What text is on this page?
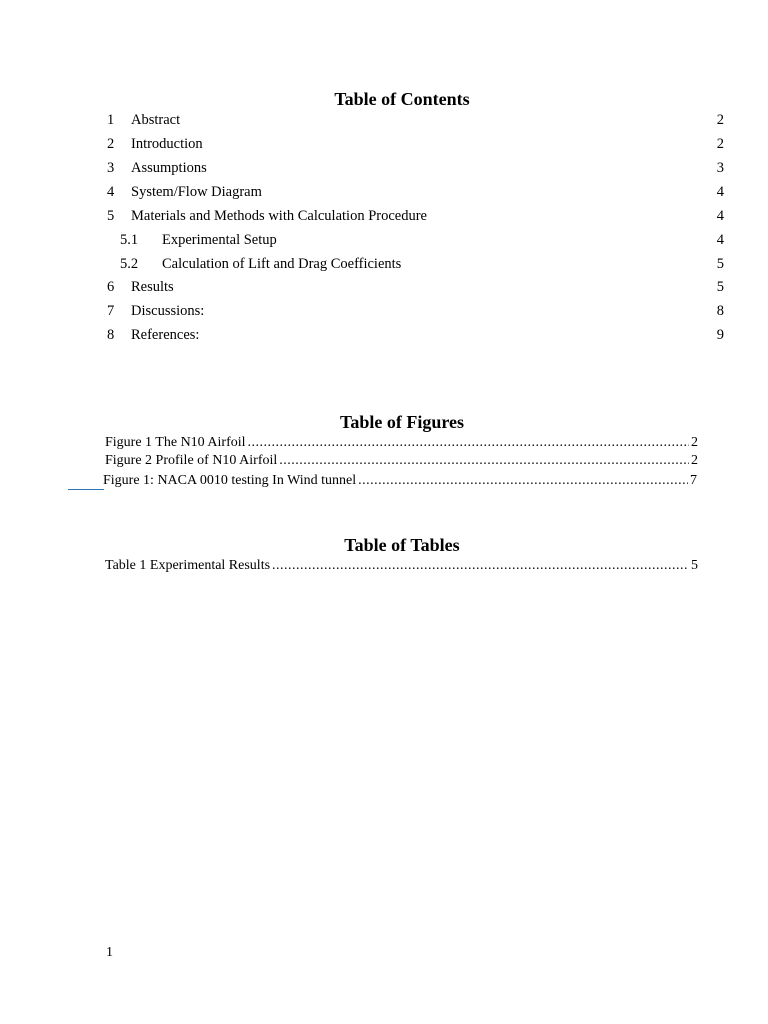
Table of Contents
1 Abstract	2
2 Introduction	2
3 Assumptions	3
4 System/Flow Diagram	4
5 Materials and Methods with Calculation Procedure	4
5.1 Experimental Setup	4
5.2 Calculation of Lift and Drag Coefficients	5
6 Results	5
7 Discussions:	8
8 References:	9
Table of Figures
Figure 1 The N10 Airfoil .....	2
Figure 2 Profile of N10 Airfoil .....	2
Figure 1: NACA 0010 testing In Wind tunnel .....	7
Table of Tables
Table 1 Experimental Results .....	5
1
